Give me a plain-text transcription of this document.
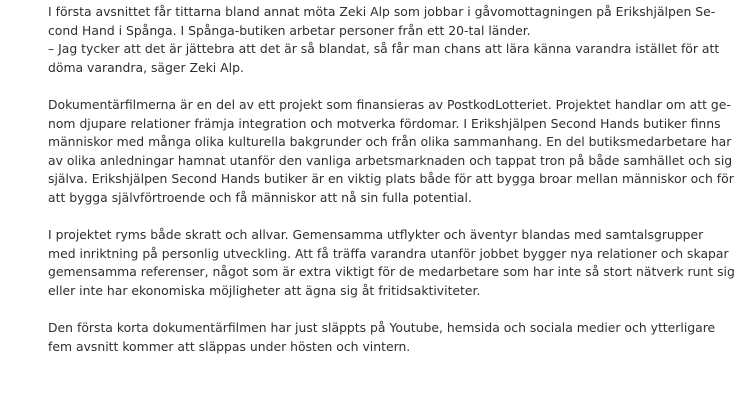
I första avsnittet får tittarna bland annat möta Zeki Alp som jobbar i gåvomottagningen på Erikshjälpen Se-
cond Hand i Spånga. I Spånga-butiken arbetar personer från ett 20-tal länder.
– Jag tycker att det är jättebra att det är så blandat, så får man chans att lära känna varandra istället för att
döma varandra, säger Zeki Alp.

Dokumentärfilmerna är en del av ett projekt som finansieras av PostkodLotteriet. Projektet handlar om att ge-
nom djupare relationer främja integration och motverka fördomar. I Erikshjälpen Second Hands butiker finns
människor med många olika kulturella bakgrunder och från olika sammanhang. En del butiksmedarbetare har
av olika anledningar hamnat utanför den vanliga arbetsmarknaden och tappat tron på både samhället och sig
själva. Erikshjälpen Second Hands butiker är en viktig plats både för att bygga broar mellan människor och för
att bygga självförtroende och få människor att nå sin fulla potential.

I projektet ryms både skratt och allvar. Gemensamma utflykter och äventyr blandas med samtalsgrupper
med inriktning på personlig utveckling. Att få träffa varandra utanför jobbet bygger nya relationer och skapar
gemensamma referenser, något som är extra viktigt för de medarbetare som har inte så stort nätverk runt sig
eller inte har ekonomiska möjligheter att ägna sig åt fritidsaktiviteter.

Den första korta dokumentärfilmen har just släppts på Youtube, hemsida och sociala medier och ytterligare
fem avsnitt kommer att släppas under hösten och vintern.
